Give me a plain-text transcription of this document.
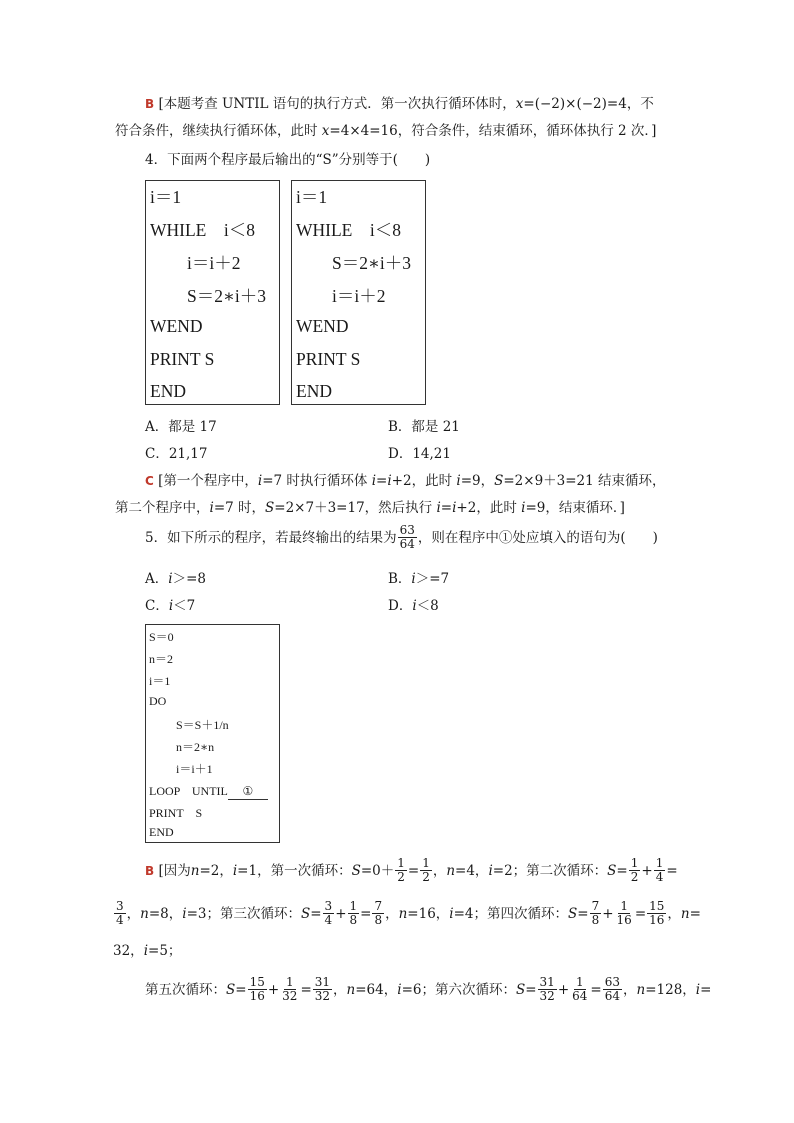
B [本题考查 UNTIL 语句的执行方式．第一次执行循环体时，x=(−2)×(−2)=4，不
符合条件，继续执行循环体，此时 x=4×4=16，符合条件，结束循环，循环体执行 2 次．]
4．下面两个程序最后输出的“S”分别等于(　　)
i＝1
WHILE　i＜8
i＝i＋2
S＝2∗i＋3
WEND
PRINT S
END
i＝1
WHILE　i＜8
S＝2∗i＋3
i＝i＋2
WEND
PRINT S
END
A．都是 17	B．都是 21
C．21,17	D．14,21
C [第一个程序中，i=7 时执行循环体 i=i+2，此时 i=9，S=2×9＋3=21 结束循环，
第二个程序中，i=7 时，S=2×7＋3=17，然后执行 i=i+2，此时 i=9，结束循环．]
5．如下所示的程序，若最终输出的结果为 $\frac{63}{64}$ ，则在程序中①处应填入的语句为(　　)
A．i＞=8	B．i＞=7
C．i＜7	D．i＜8
S＝0
n＝2
i＝1
DO
S＝S＋1/n
n＝2∗n
i＝i＋1
LOOP　UNTIL ①
PRINT　S
END
B
[因为 n =2， i =1，第一次循环： $S =0+ \frac{1}{2} = \frac{1}{2}$ ， n =4， i =2；第二次循环： $S = \frac{1}{2} + \frac{1}{4}$ =
$\frac{3}{4}$ ， n =8， i =3；第三次循环： $S = \frac{3}{4} + \frac{1}{8} = \frac{7}{8}$ ， n =16， i =4；第四次循环： $S = \frac{7}{8} + \frac{1}{16} = \frac{15}{16}$ ， n =
32，i=5；
第五次循环： $S = \frac{15}{16} + \frac{1}{32} = \frac{31}{32}$ ， n =64， i =6；第六次循环： $S = \frac{31}{32} + \frac{1}{64} = \frac{63}{64}$ ， n =128， i =
